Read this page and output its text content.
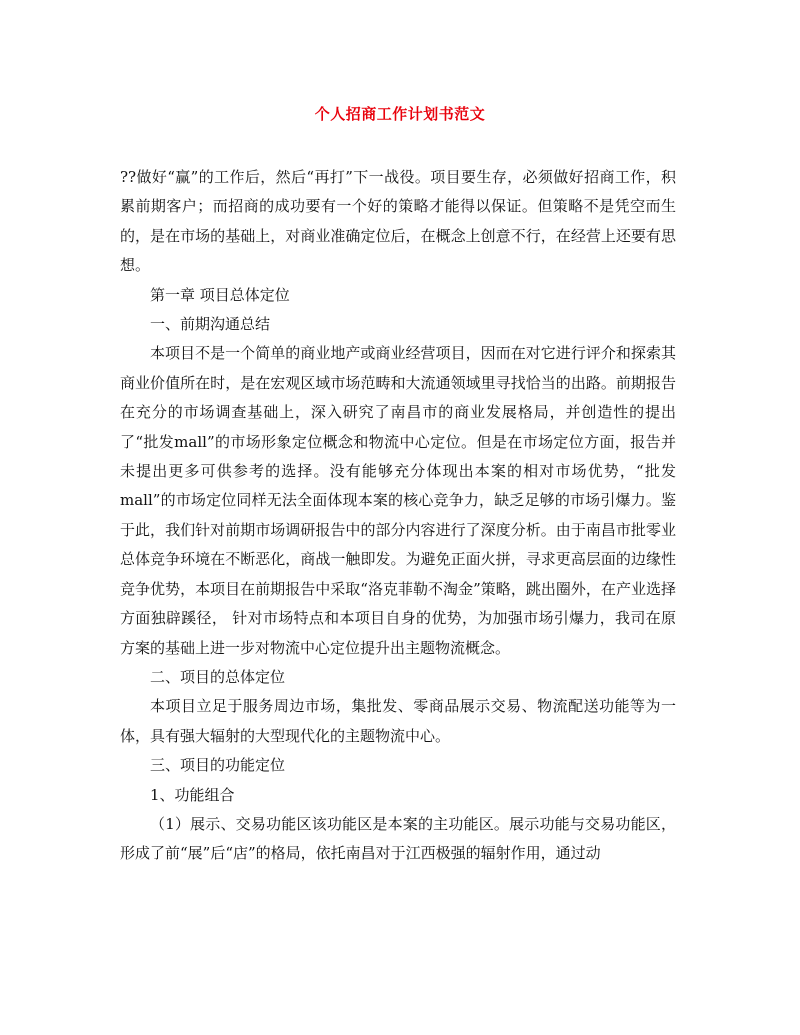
个人招商工作计划书范文

??做好“赢”的工作后，然后“再打”下一战役。项目要生存，必须做好招商工作，积累前期客户；而招商的成功要有一个好的策略才能得以保证。但策略不是凭空而生的，是在市场的基础上，对商业准确定位后，在概念上创意不行，在经营上还要有思想。

第一章 项目总体定位

一、前期沟通总结

本项目不是一个简单的商业地产或商业经营项目，因而在对它进行评介和探索其商业价值所在时，是在宏观区域市场范畴和大流通领域里寻找恰当的出路。前期报告在充分的市场调查基础上，深入研究了南昌市的商业发展格局，并创造性的提出了“批发mall”的市场形象定位概念和物流中心定位。但是在市场定位方面，报告并未提出更多可供参考的选择。没有能够充分体现出本案的相对市场优势，“批发mall”的市场定位同样无法全面体现本案的核心竞争力，缺乏足够的市场引爆力。鉴于此，我们针对前期市场调研报告中的部分内容进行了深度分析。由于南昌市批零业总体竞争环境在不断恶化，商战一触即发。为避免正面火拼，寻求更高层面的边缘性竞争优势，本项目在前期报告中采取“洛克菲勒不淘金”策略，跳出圈外，在产业选择方面独辟蹊径， 针对市场特点和本项目自身的优势，为加强市场引爆力，我司在原方案的基础上进一步对物流中心定位提升出主题物流概念。

二、项目的总体定位

本项目立足于服务周边市场，集批发、零商品展示交易、物流配送功能等为一体，具有强大辐射的大型现代化的主题物流中心。

三、项目的功能定位

1、功能组合

（1）展示、交易功能区该功能区是本案的主功能区。展示功能与交易功能区，形成了前“展”后“店”的格局，依托南昌对于江西极强的辐射作用，通过动
